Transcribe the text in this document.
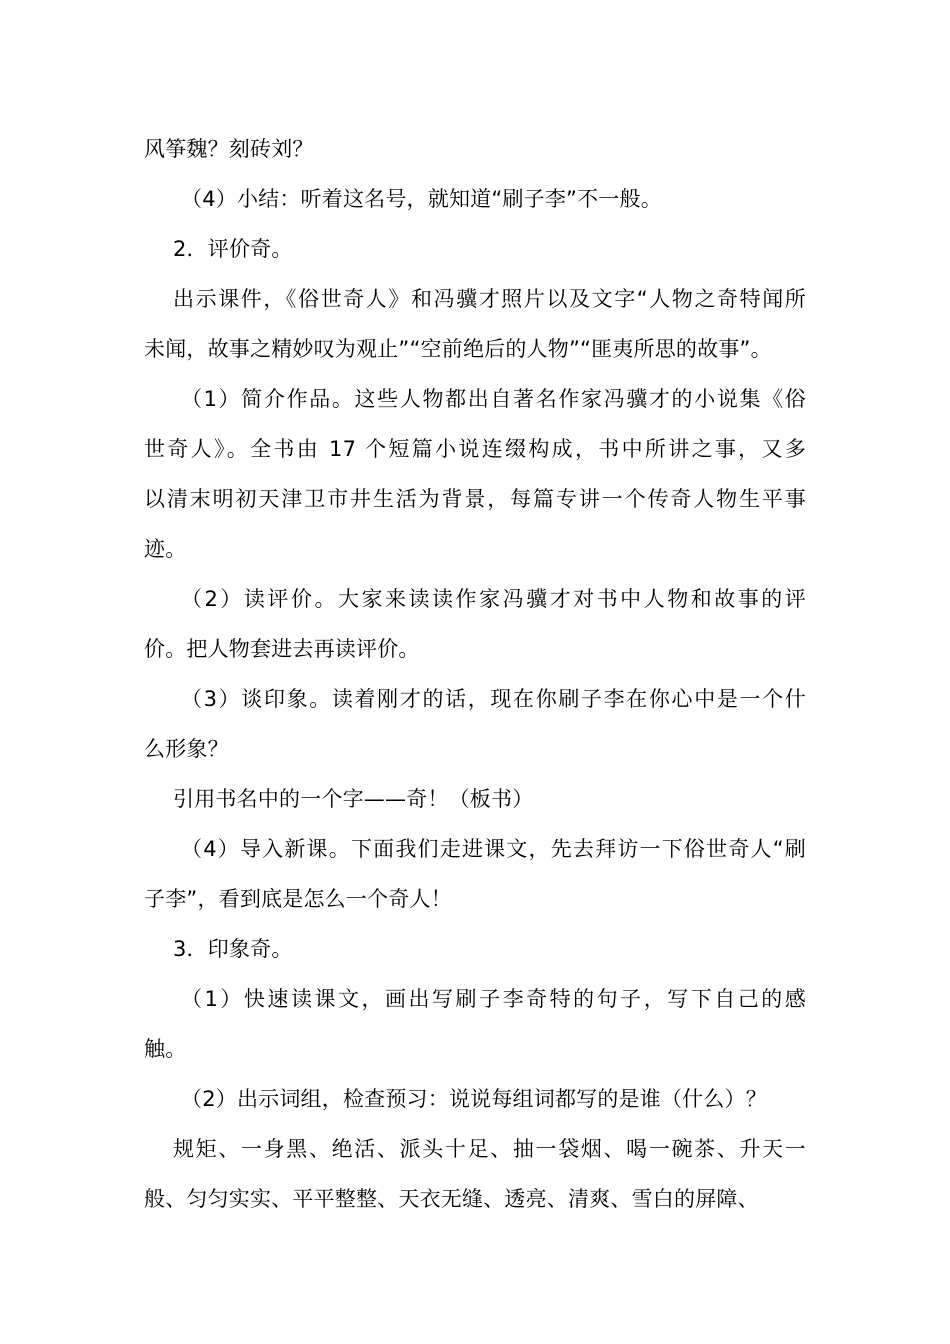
风筝魏？刻砖刘？
（4）小结：听着这名号，就知道“刷子李”不一般。
2．评价奇。
出示课件，《俗世奇人》和冯骥才照片以及文字“人物之奇特闻所
未闻，故事之精妙叹为观止”“空前绝后的人物”“匪夷所思的故事”。
（1）简介作品。这些人物都出自著名作家冯骥才的小说集《俗
世奇人》。全书由 17 个短篇小说连缀构成，书中所讲之事，又多
以清末明初天津卫市井生活为背景，每篇专讲一个传奇人物生平事
迹。
（2）读评价。大家来读读作家冯骥才对书中人物和故事的评
价。把人物套进去再读评价。
（3）谈印象。读着刚才的话，现在你刷子李在你心中是一个什
么形象？
引用书名中的一个字——奇！（板书）
（4）导入新课。下面我们走进课文，先去拜访一下俗世奇人“刷
子李”，看到底是怎么一个奇人！
3．印象奇。
（1）快速读课文，画出写刷子李奇特的句子，写下自己的感
触。
（2）出示词组，检查预习：说说每组词都写的是谁（什么）？
规矩、一身黑、绝活、派头十足、抽一袋烟、喝一碗茶、升天一
般、匀匀实实、平平整整、天衣无缝、透亮、清爽、雪白的屏障、
